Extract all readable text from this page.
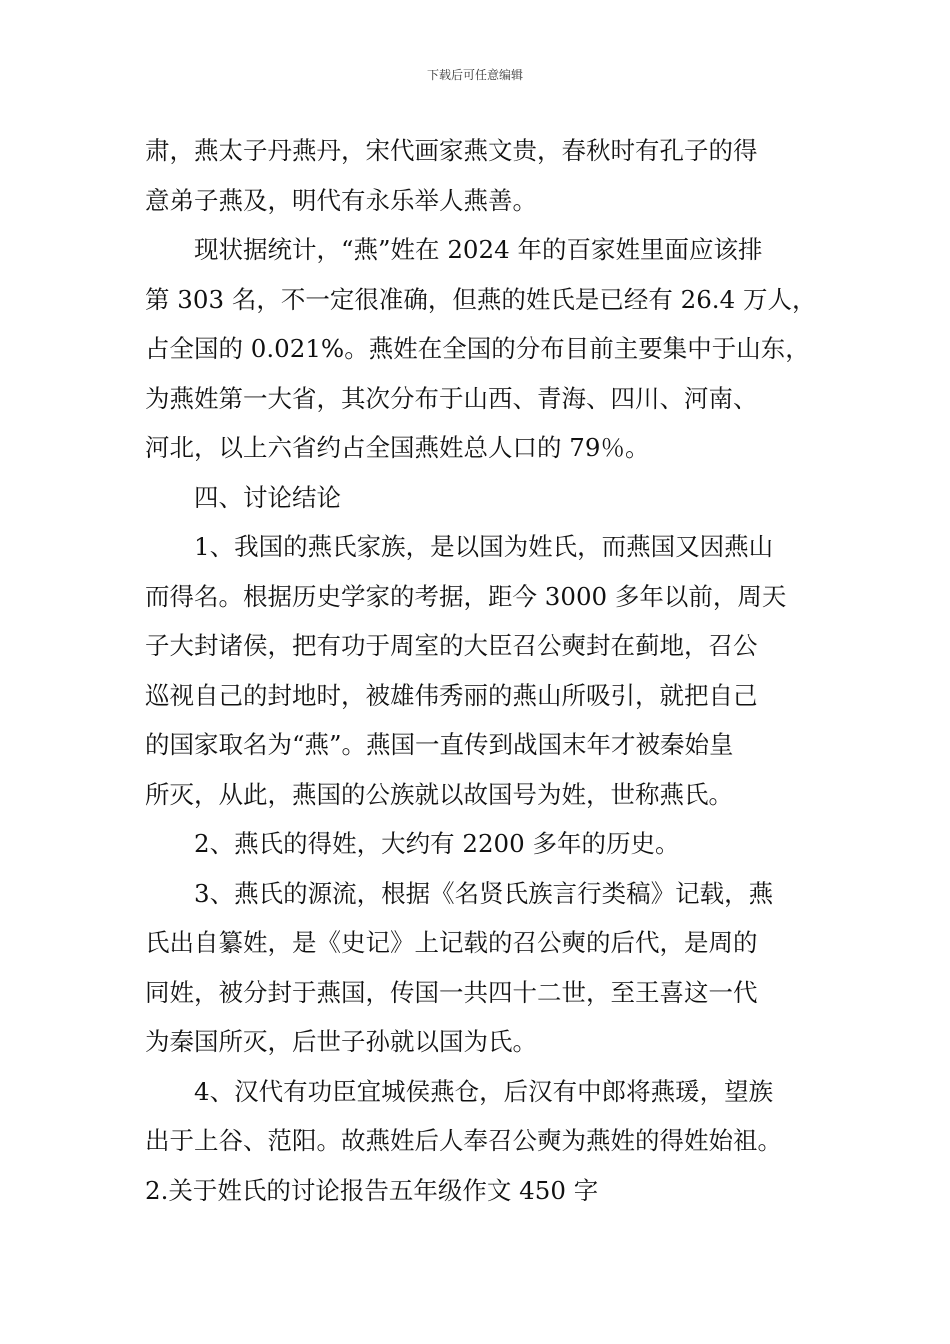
下载后可任意编辑
肃，燕太子丹燕丹，宋代画家燕文贵，春秋时有孔子的得
意弟子燕及，明代有永乐举人燕善。
现状据统计，“燕”姓在 2024 年的百家姓里面应该排
第 303 名，不一定很准确，但燕的姓氏是已经有 26.4 万人，
占全国的 0.021%。燕姓在全国的分布目前主要集中于山东，
为燕姓第一大省，其次分布于山西、青海、四川、河南、
河北，以上六省约占全国燕姓总人口的 79％。
四、讨论结论
1、我国的燕氏家族，是以国为姓氏，而燕国又因燕山
而得名。根据历史学家的考据，距今 3000 多年以前，周天
子大封诸侯，把有功于周室的大臣召公奭封在蓟地，召公
巡视自己的封地时，被雄伟秀丽的燕山所吸引，就把自己
的国家取名为“燕”。燕国一直传到战国末年才被秦始皇
所灭，从此，燕国的公族就以故国号为姓，世称燕氏。
2、燕氏的得姓，大约有 2200 多年的历史。
3、燕氏的源流，根据《名贤氏族言行类稿》记载，燕
氏出自纂姓，是《史记》上记载的召公奭的后代，是周的
同姓，被分封于燕国，传国一共四十二世，至王喜这一代
为秦国所灭，后世子孙就以国为氏。
4、汉代有功臣宜城侯燕仓，后汉有中郎将燕瑗，望族
出于上谷、范阳。故燕姓后人奉召公奭为燕姓的得姓始祖。
2.关于姓氏的讨论报告五年级作文 450 字
